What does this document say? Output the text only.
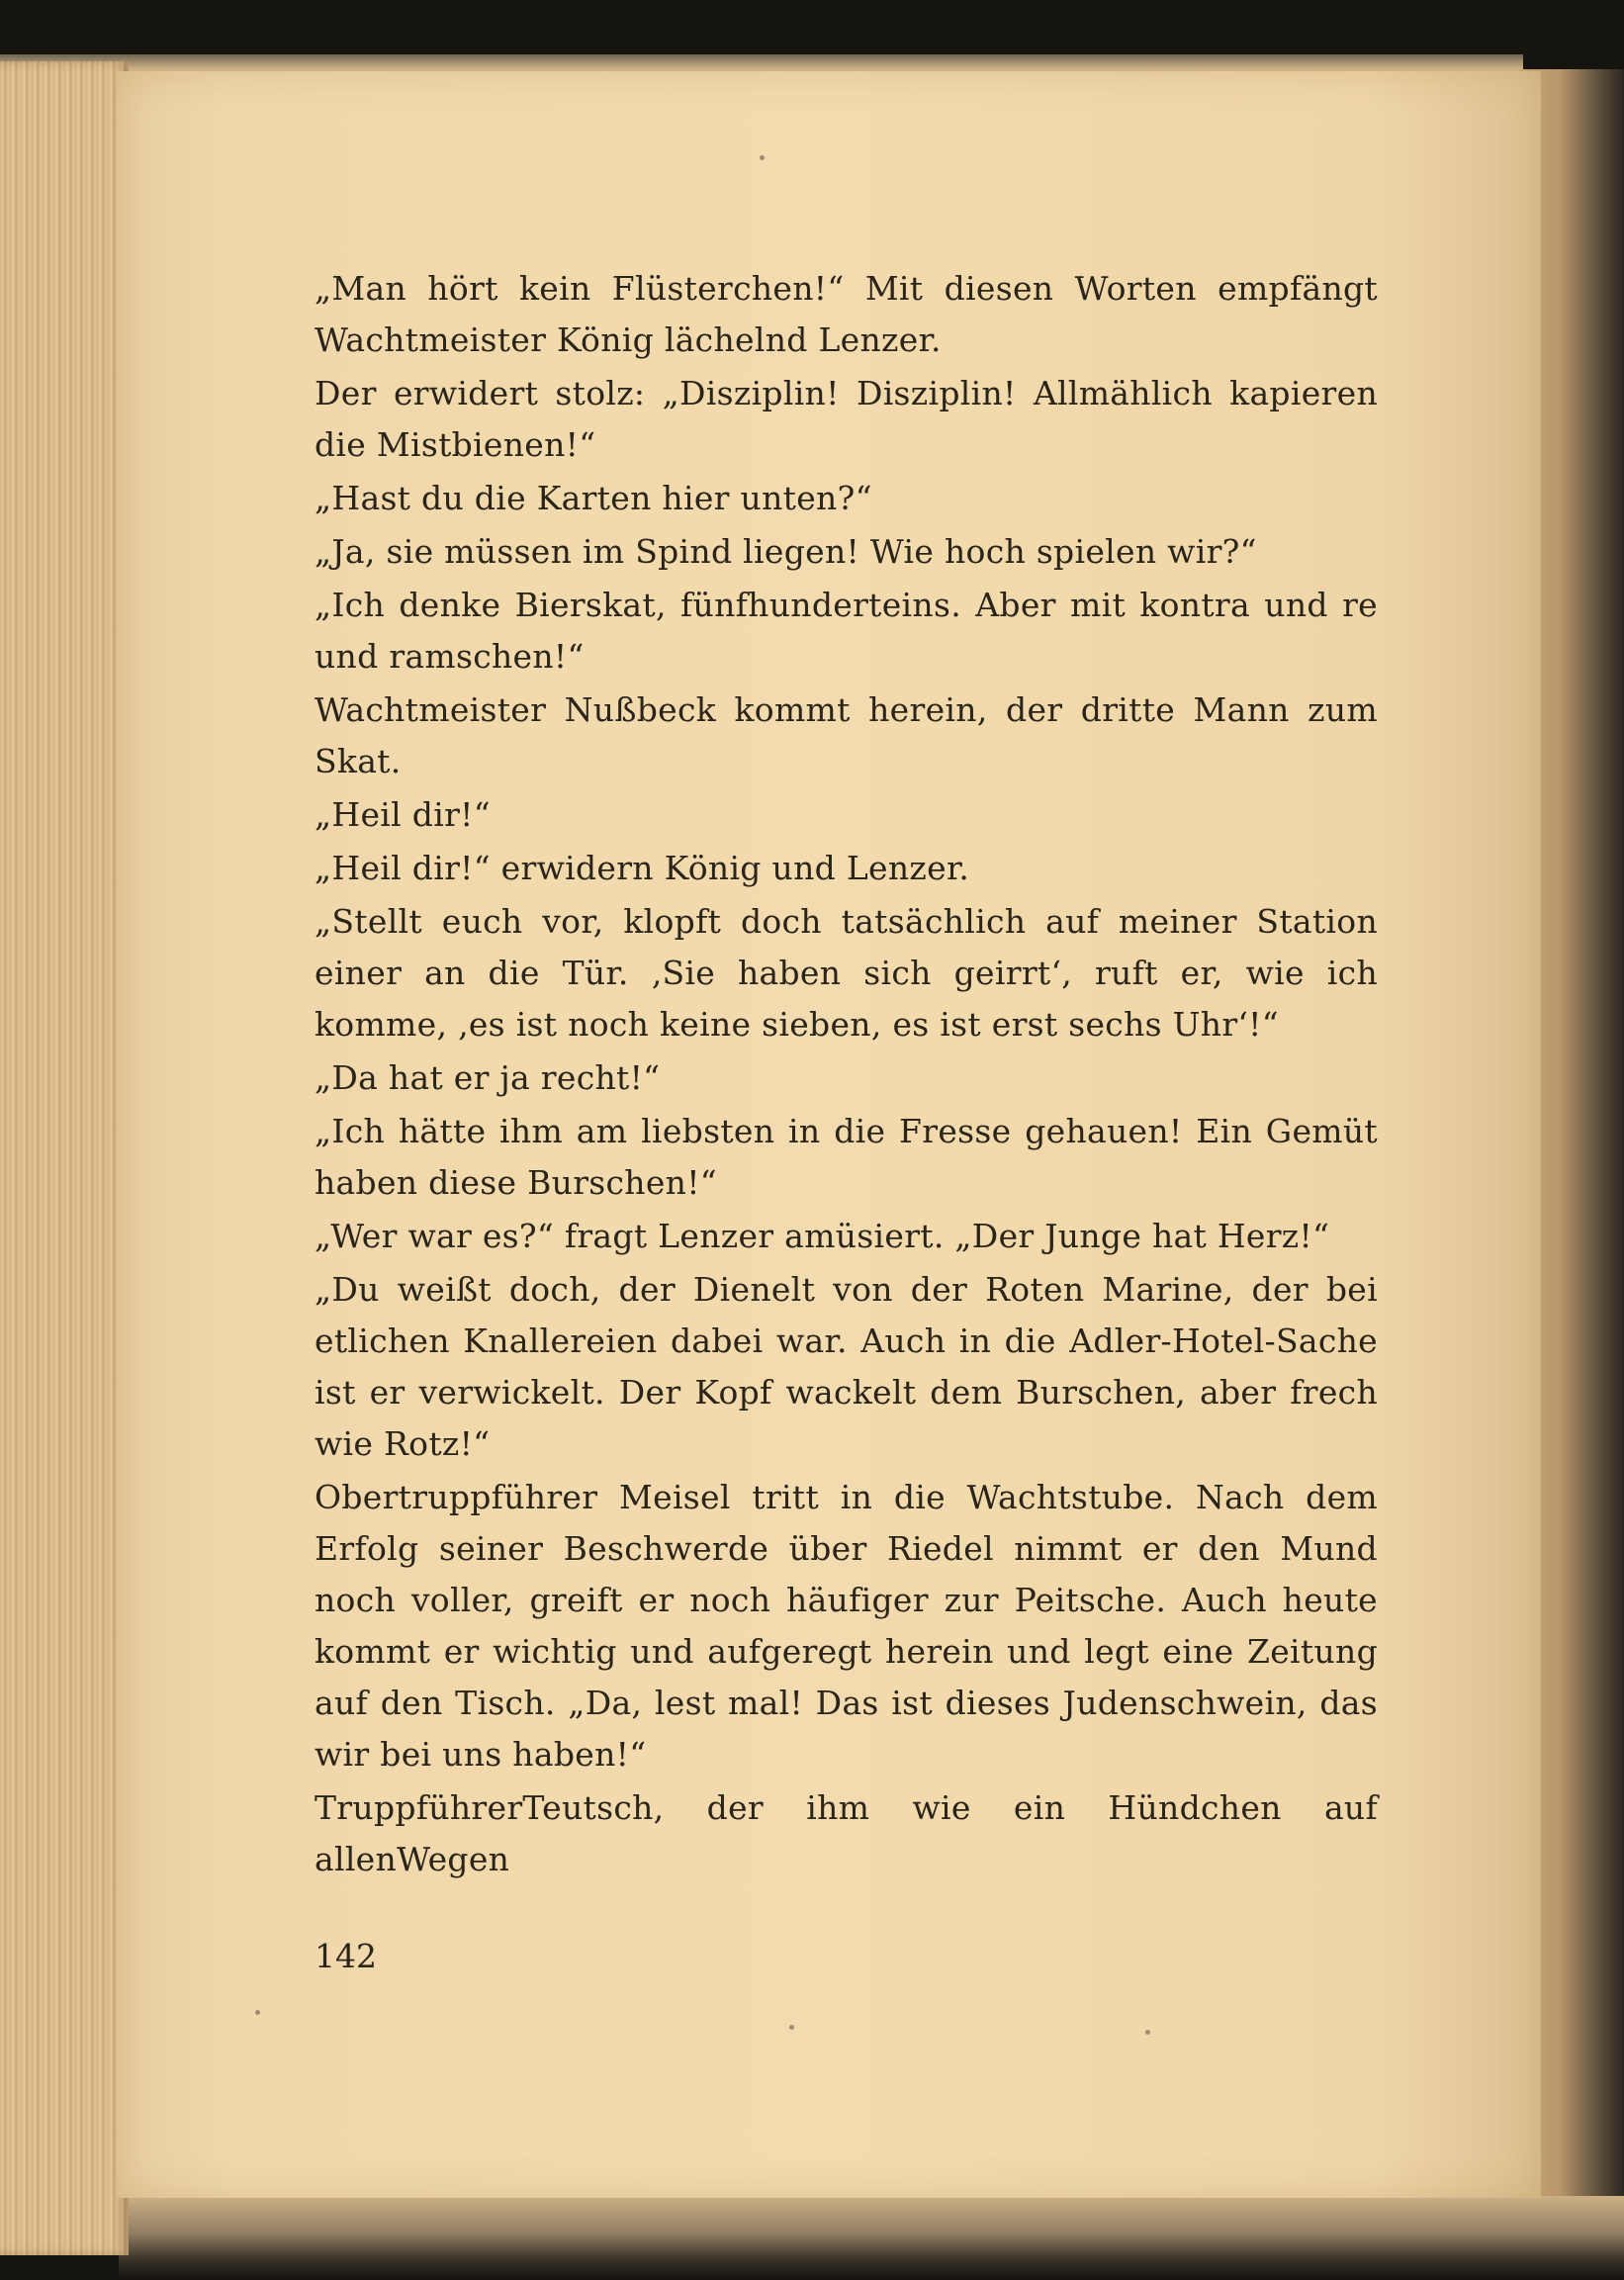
„Man hört kein Flüsterchen!“ Mit diesen Worten empfängt Wachtmeister König lächelnd Lenzer.

Der erwidert stolz: „Disziplin! Disziplin! Allmählich kapieren die Mistbienen!“

„Hast du die Karten hier unten?“

„Ja, sie müssen im Spind liegen! Wie hoch spielen wir?“

„Ich denke Bierskat, fünfhunderteins. Aber mit kontra und re und ramschen!“

Wachtmeister Nußbeck kommt herein, der dritte Mann zum Skat.

„Heil dir!“

„Heil dir!“ erwidern König und Lenzer.

„Stellt euch vor, klopft doch tatsächlich auf meiner Station einer an die Tür. ‚Sie haben sich geirrt‘, ruft er, wie ich komme, ‚es ist noch keine sieben, es ist erst sechs Uhr‘!“

„Da hat er ja recht!“

„Ich hätte ihm am liebsten in die Fresse gehauen! Ein Gemüt haben diese Burschen!“

„Wer war es?“ fragt Lenzer amüsiert. „Der Junge hat Herz!“

„Du weißt doch, der Dienelt von der Roten Marine, der bei etlichen Knallereien dabei war. Auch in die Adler-Hotel-Sache ist er verwickelt. Der Kopf wackelt dem Burschen, aber frech wie Rotz!“

Obertruppführer Meisel tritt in die Wachtstube. Nach dem Erfolg seiner Beschwerde über Riedel nimmt er den Mund noch voller, greift er noch häufiger zur Peitsche. Auch heute kommt er wichtig und aufgeregt herein und legt eine Zeitung auf den Tisch. „Da, lest mal! Das ist dieses Judenschwein, das wir bei uns haben!“

TruppführerTeutsch, der ihm wie ein Hündchen auf allenWegen

142
